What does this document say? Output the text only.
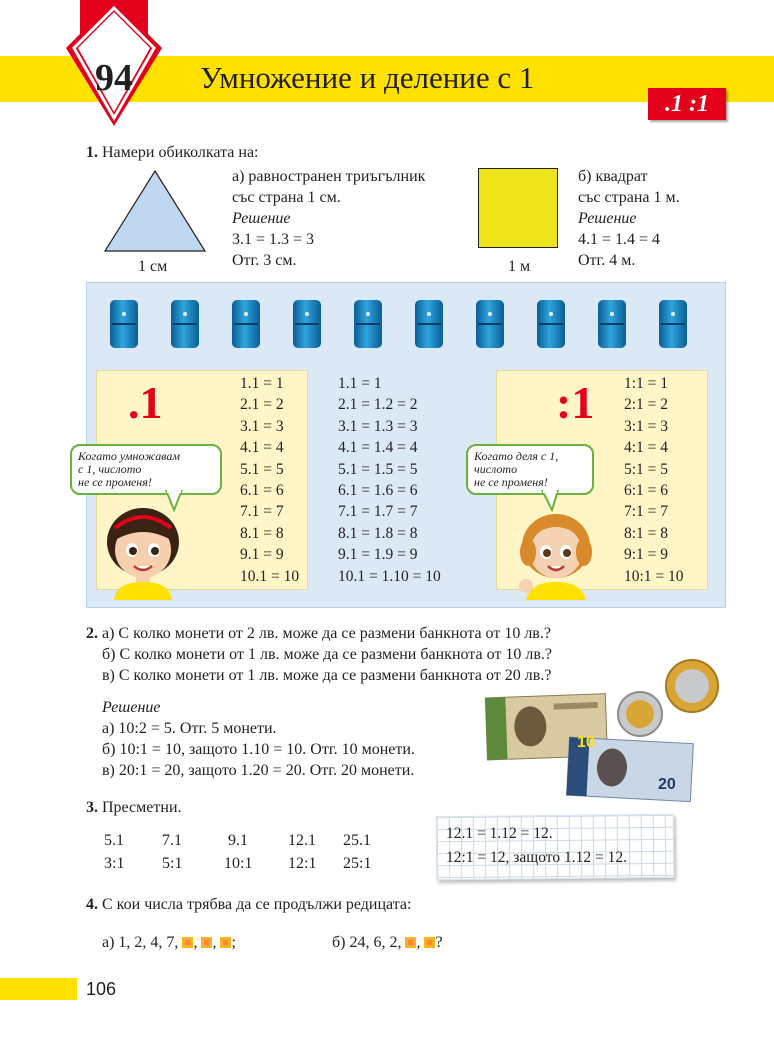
94	Умножение и деление с 1
.1 :1
1. Намери обиколката на:
1 см
а) равностранен триъгълник
със страна 1 см.
Решение
3.1 = 1.3 = 3
Отг. 3 см.	1 м
б) квадрат
със страна 1 м.
Решение
4.1 = 1.4 = 4
Отг. 4 м.
.1	1.1 = 1
2.1 = 2
3.1 = 3
4.1 = 4
5.1 = 5
6.1 = 6
7.1 = 7
8.1 = 8
9.1 = 9
10.1 = 10
1.1 = 1
2.1 = 1.2 = 2
3.1 = 1.3 = 3
4.1 = 1.4 = 4
5.1 = 1.5 = 5
6.1 = 1.6 = 6
7.1 = 1.7 = 7
8.1 = 1.8 = 8
9.1 = 1.9 = 9
10.1 = 1.10 = 10
:1 1:1 = 1
2:1 = 2
3:1 = 3
4:1 = 4
5:1 = 5
6:1 = 6
7:1 = 7
8:1 = 8
9:1 = 9
10:1 = 10
Когато умножавам
с 1, числото
не се променя!
Когато деля с 1,
числото
не се променя!
2. а) С колко монети от 2 лв. може да се размени банкнота от 10 лв.?
б) С колко монети от 1 лв. може да се размени банкнота от 10 лв.?
в) С колко монети от 1 лв. може да се размени банкнота от 20 лв.?
Решение
а) 10:2 = 5. Отг. 5 монети.
б) 10:1 = 10, защото 1.10 = 10. Отг. 10 монети.
в) 20:1 = 20, защото 1.20 = 20. Отг. 20 монети.
10
20
3. Пресметни.
5.1 7.1	9.1	12.1 25.1
3:1 5:1	10:1 12:1 25:1
12.1 = 1.12 = 12.
12:1 = 12, защото 1.12 = 12.
4. С кои числа трябва да се продължи редицата:
а) 1, 2, 4, 7, , , ;	б) 24, 6, 2, , ?
106
